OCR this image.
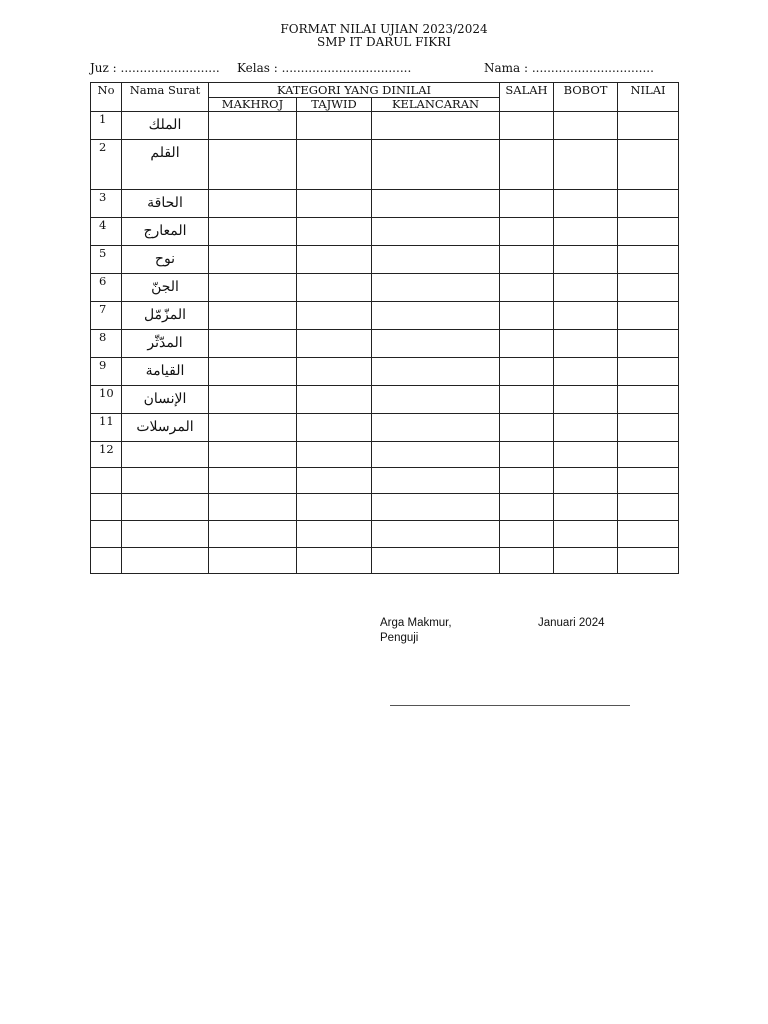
FORMAT NILAI UJIAN 2023/2024
SMP IT DARUL FIKRI
Juz : .......................... Kelas : ..................................	Nama : ................................
No	Nama Surat	KATEGORI YANG DINILAI			SALAH	BOBOT	NILAI
		MAKHROJ	TAJWID	KELANCARAN			
1	الملك						
2	القلم						
3	الحاقة						
4	المعارج						
5	نوح						
6	الجنّ						
7	المزّمّل						
8	المدّثّر						
9	القيامة						
10	الإنسان						
11	المرسلات						
12							

Arga Makmur,	Januari 2024
Penguji
